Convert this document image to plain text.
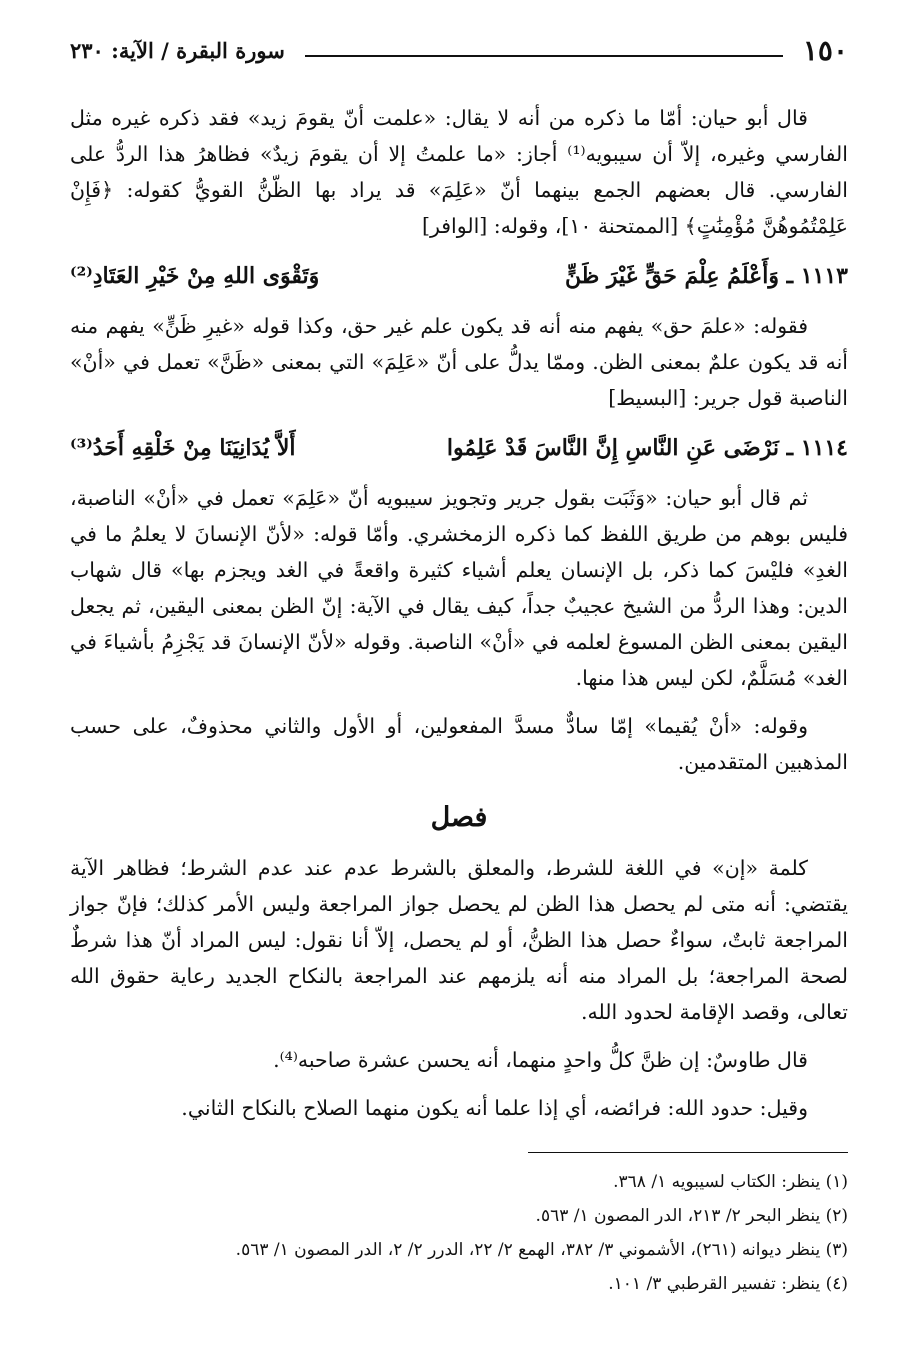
١٥٠
سورة البقرة / الآية: ٢٣٠

قال أبو حيان: أمّا ما ذكره من أنه لا يقال: «علمت أنّ يقومَ زيد» فقد ذكره غيره مثل الفارسي وغيره، إلاّ أن سيبويه⁽¹⁾ أجاز: «ما علمتُ إلا أن يقومَ زيدٌ» فظاهرُ هذا الردُّ على الفارسي. قال بعضهم الجمع بينهما أنّ «عَلِمَ» قد يراد بها الظّنُّ القويُّ كقوله: ﴿فَإِنْ عَلِمْتُمُوهُنَّ مُؤْمِنَٰتٍ﴾ [الممتحنة ١٠]، وقوله: [الوافر]

١١١٣ ـ وَأَعْلَمُ عِلْمَ حَقٍّ غَيْرَ ظَنٍّ
وَتَقْوَى اللهِ مِنْ خَيْرِ العَتَادِ⁽²⁾

فقوله: «علمَ حق» يفهم منه أنه قد يكون علم غير حق، وكذا قوله «غيرِ ظَنٍّ» يفهم منه أنه قد يكون علمٌ بمعنى الظن. وممّا يدلُّ على أنّ «عَلِمَ» التي بمعنى «ظَنَّ» تعمل في «أنْ» الناصبة قول جرير: [البسيط]

١١١٤ ـ نَرْضَى عَنِ النَّاسِ إِنَّ النَّاسَ قَدْ عَلِمُوا
أَلاَّ يُدَانِيَنَا مِنْ خَلْقِهِ أَحَدُ⁽³⁾

ثم قال أبو حيان: «وَثَبَت بقول جرير وتجويز سيبويه أنّ «عَلِمَ» تعمل في «أنْ» الناصبة، فليس بوهم من طريق اللفظ كما ذكره الزمخشري. وأمّا قوله: «لأنّ الإنسانَ لا يعلمُ ما في الغدِ» فليْسَ كما ذكر، بل الإنسان يعلم أشياء كثيرة واقعةً في الغد ويجزم بها» قال شهاب الدين: وهذا الردُّ من الشيخ عجيبٌ جداً، كيف يقال في الآية: إنّ الظن بمعنى اليقين، ثم يجعل اليقين بمعنى الظن المسوغ لعلمه في «أنْ» الناصبة. وقوله «لأنّ الإنسانَ قد يَجْزِمُ بأشياءَ في الغد» مُسَلَّمٌ، لكن ليس هذا منها.

وقوله: «أنْ يُقيما» إمّا سادٌّ مسدَّ المفعولين، أو الأول والثاني محذوفٌ، على حسب المذهبين المتقدمين.

فصل

كلمة «إن» في اللغة للشرط، والمعلق بالشرط عدم عند عدم الشرط؛ فظاهر الآية يقتضي: أنه متى لم يحصل هذا الظن لم يحصل جواز المراجعة وليس الأمر كذلك؛ فإنّ جواز المراجعة ثابتٌ، سواءٌ حصل هذا الظنُّ، أو لم يحصل، إلاّ أنا نقول: ليس المراد أنّ هذا شرطٌ لصحة المراجعة؛ بل المراد منه أنه يلزمهم عند المراجعة بالنكاح الجديد رعاية حقوق الله تعالى، وقصد الإقامة لحدود الله.

قال طاوسٌ: إن ظنَّ كلُّ واحدٍ منهما، أنه يحسن عشرة صاحبه⁽⁴⁾.

وقيل: حدود الله: فرائضه، أي إذا علما أنه يكون منهما الصلاح بالنكاح الثاني.

(١) ينظر: الكتاب لسيبويه ١/ ٣٦٨.
(٢) ينظر البحر ٢/ ٢١٣، الدر المصون ١/ ٥٦٣.
(٣) ينظر ديوانه (٢٦١)، الأشموني ٣/ ٣٨٢، الهمع ٢/ ٢٢، الدرر ٢/ ٢، الدر المصون ١/ ٥٦٣.
(٤) ينظر: تفسير القرطبي ٣/ ١٠١.
